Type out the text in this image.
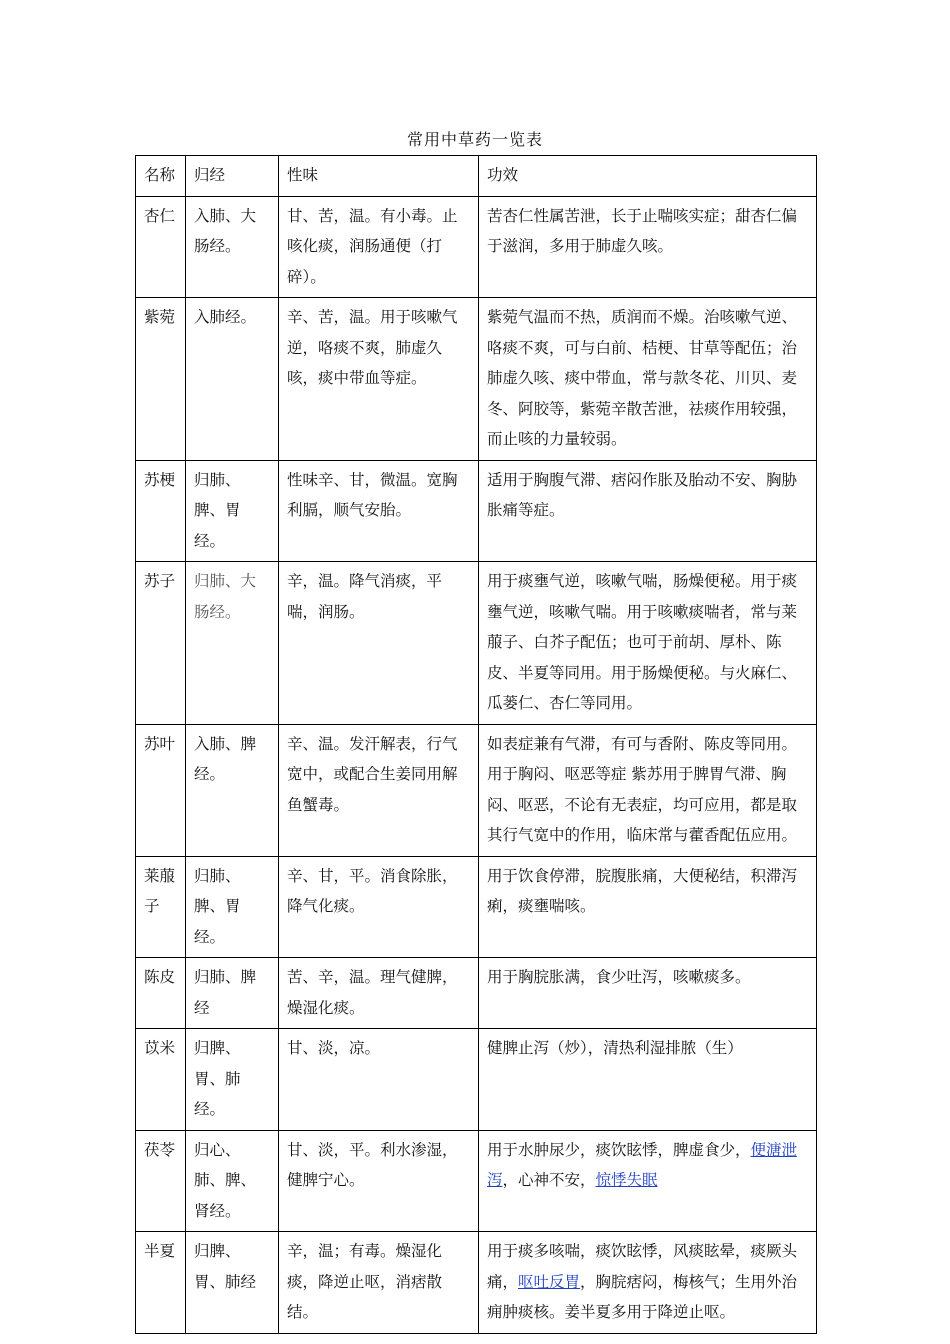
常用中草药一览表
名称	归经	性味	功效
杏仁	入肺、大肠经。	甘、苦，温。有小毒。止咳化痰，润肠通便（打碎）。	苦杏仁性属苦泄，长于止喘咳实症；甜杏仁偏于滋润，多用于肺虚久咳。
紫菀	入肺经。	辛、苦，温。用于咳嗽气逆，咯痰不爽，肺虚久咳，痰中带血等症。	紫菀气温而不热，质润而不燥。治咳嗽气逆、咯痰不爽，可与白前、桔梗、甘草等配伍；治肺虚久咳、痰中带血，常与款冬花、川贝、麦冬、阿胶等，紫菀辛散苦泄，祛痰作用较强，而止咳的力量较弱。
苏梗	归肺、脾、胃经。	性味辛、甘，微温。宽胸利膈，顺气安胎。	适用于胸腹气滞、痞闷作胀及胎动不安、胸胁胀痛等症。
苏子	归肺、大肠经。	辛，温。降气消痰，平喘，润肠。	用于痰壅气逆，咳嗽气喘，肠燥便秘。用于痰壅气逆，咳嗽气喘。用于咳嗽痰喘者，常与莱菔子、白芥子配伍；也可于前胡、厚朴、陈皮、半夏等同用。用于肠燥便秘。与火麻仁、瓜蒌仁、杏仁等同用。
苏叶	入肺、脾经。	辛、温。发汗解表，行气宽中，或配合生姜同用解鱼蟹毒。	如表症兼有气滞，有可与香附、陈皮等同用。用于胸闷、呕恶等症 紫苏用于脾胃气滞、胸闷、呕恶，不论有无表症，均可应用，都是取其行气宽中的作用，临床常与藿香配伍应用。
莱菔子	归肺、脾、胃经。	辛、甘，平。消食除胀，降气化痰。	用于饮食停滞，脘腹胀痛，大便秘结，积滞泻痢，痰壅喘咳。
陈皮	归肺、脾经	苦、辛，温。理气健脾，燥湿化痰。	用于胸脘胀满，食少吐泻，咳嗽痰多。
苡米	归脾、胃、肺经。	甘、淡，凉。	健脾止泻（炒），清热利湿排脓（生）
茯苓	归心、肺、脾、肾经。	甘、淡，平。利水渗湿，健脾宁心。	用于水肿尿少，痰饮眩悸，脾虚食少，便溏泄泻，心神不安，惊悸失眠

半夏	归脾、胃、肺经	辛，温；有毒。燥湿化痰，降逆止呕，消痞散结。	用于痰多咳喘，痰饮眩悸，风痰眩晕，痰厥头痛，呕吐反胃，胸脘痞闷，梅核气；生用外治痈肿痰核。姜半夏多用于降逆止呕。
